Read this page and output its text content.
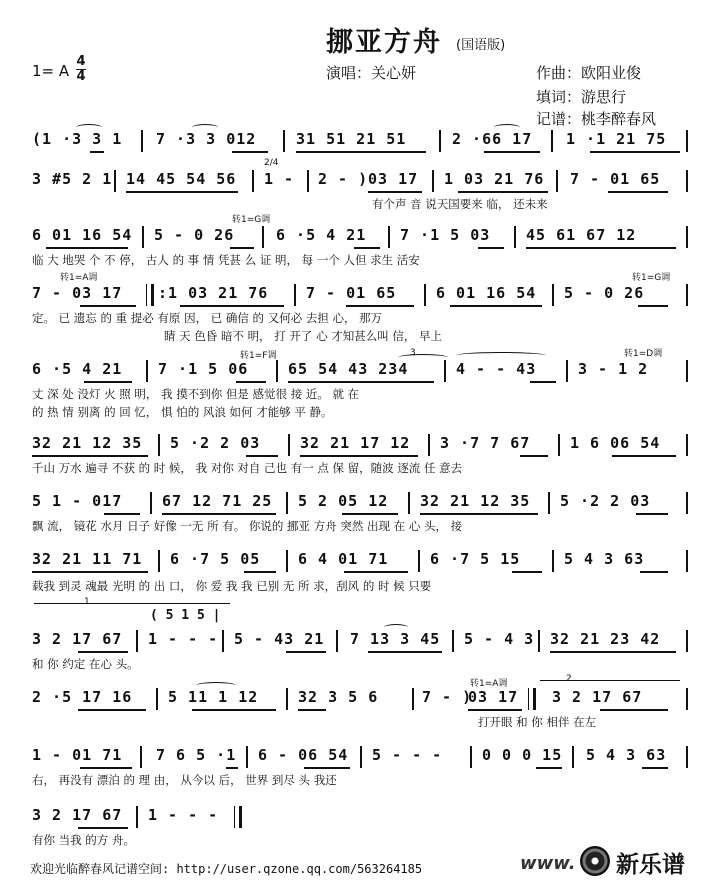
挪亚方舟 (国语版)
1= A
4
4	演唱：关心妍	作曲：欧阳业俊
填词：游思行
记谱：桃李醉春风
(1 ·3 3 1 7 ·3 3 012	31 51 21 51	2 ·66 17 1 ·1 21 75
2/4
3 #5 2 1 14 45 54 56 1 - 2 - ) 03 17 1 03 21 76 7 - 01 65
有个声 音 说天国要来 临， 还未来
转1=G调
6 01 16 54 5 - 0 26	6 ·5 4 21 7 ·1 5 03 45 61 67 12
临 大 地哭 个 不 停， 古人 的 事 情 凭甚 么 证 明， 每 一个 人但 求生 活安
转1=A调	转1=G调
7 - 03 17 :1 03 21 76	7 - 01 65	6 01 16 54 5 - 0 26
定。 已 遗忘 的 重 提必 有原 因， 已 确信 的 又何必 去担 心， 那万
睛 天 色昏 暗不 明， 打 开了 心 才知甚么叫 信， 早上
转1=F调	3	转1=D调
6 ·5 4 21 7 ·1 5 06	65 54 43 234	4 - - 43	3 - 1 2
丈 深 处 没灯 火 照 明， 我 摸不到你 但是 感觉很 接 近。 就 在
的 热 情 别离 的 回 忆， 惧 怕的 风浪 如何 才能够 平 静。
32 21 12 35 5 ·2 2 03	32 21 17 12 3 ·7 7 67	1 6 06 54
千山 万水 遍寻 不获 的 时 候， 我 对你 对自 己也 有一 点 保 留，随波 逐流 任 意去
5 1 - 017	67 12 71 25 5 2 05 12 32 21 12 35 5 ·2 2 03
飘 流， 镜花 水月 日子 好像 一无 所 有。 你说的 挪亚 方舟 突然 出现 在 心 头， 接
32 21 11 71 6 ·7 5 05	6 4 01 71	6 ·7 5 15	5 4 3 63
载我 到灵 魂最 光明 的 出 口， 你 爱 我 我 已别 无 所 求，刮风 的 时 候 只要
1
( 5 1 5 |
3 2 17 67 1 - - - 5 - 43 21 7 13 3 45 5 - 4 3 32 21 23 42
和 你 约定 在心 头。
转1=A调	2
2 ·5 17 16 5 11 1 12	32 3 5 6	7 - )
03 17 3 2 17 67
打开眼 和 你 相伴 在左
1 - 01 71 7 6 5 ·1 6 - 06 54 5 - - -	0 0 0 15 5 4 3 63
右， 再没有 漂泊 的 理 由， 从今以 后， 世界 到尽 头 我还
3 2 17 67 1 - - -
有你 当我 的方 舟。
欢迎光临醉春风记谱空间: http://user.qzone.qq.com/563264185	www. 新乐谱
